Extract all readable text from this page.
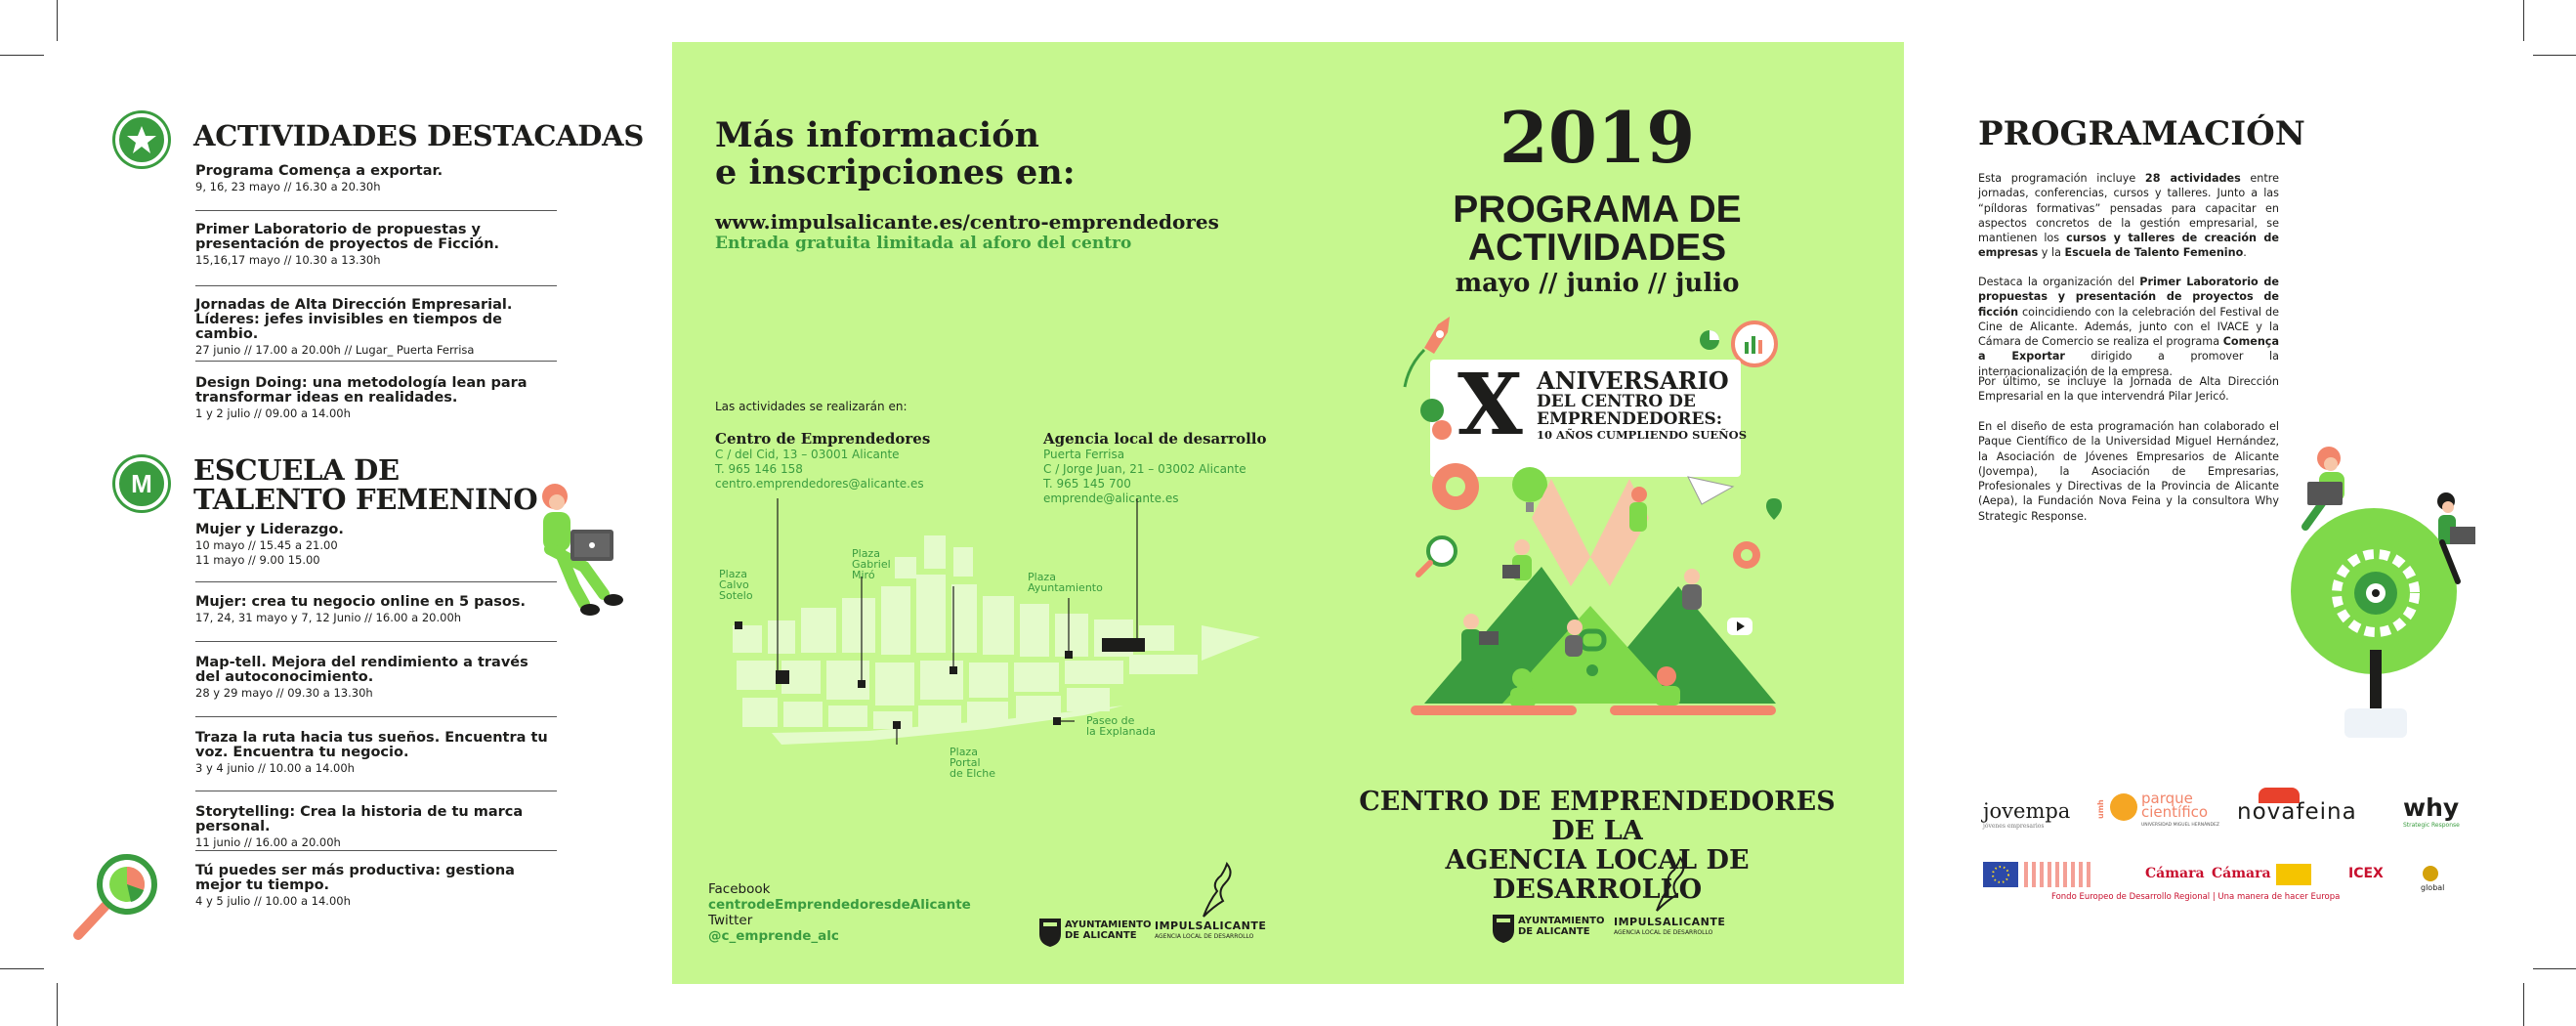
ACTIVIDADES DESTACADAS
Programa Comença a exportar.
9, 16, 23 mayo // 16.30 a 20.30h
Primer Laboratorio de propuestas y presentación de proyectos de Ficción.
15,16,17 mayo // 10.30 a 13.30h
Jornadas de Alta Dirección Empresarial. Líderes: jefes invisibles en tiempos de cambio.
27 junio // 17.00 a 20.00h // Lugar_ Puerta Ferrisa
Design Doing: una metodología lean para transformar ideas en realidades.
1 y 2 julio // 09.00 a 14.00h
M ESCUELA DE
TALENTO FEMENINO
Mujer y Liderazgo.
10 mayo // 15.45 a 21.00
11 mayo // 9.00 15.00
Mujer: crea tu negocio online en 5 pasos.
17, 24, 31 mayo y 7, 12 Junio // 16.00 a 20.00h
Map-tell. Mejora del rendimiento a través del autoconocimiento.
28 y 29 mayo // 09.30 a 13.30h
Traza la ruta hacia tus sueños. Encuentra tu voz. Encuentra tu negocio.
3 y 4 junio // 10.00 a 14.00h
Storytelling: Crea la historia de tu marca personal.
11 junio // 16.00 a 20.00h
Tú puedes ser más productiva: gestiona mejor tu tiempo.
4 y 5 julio // 10.00 a 14.00h
Más información
e inscripciones en:
www.impulsalicante.es/centro-emprendedores
Entrada gratuita limitada al aforo del centro
Las actividades se realizarán en:
Centro de Emprendedores
C / del Cid, 13 – 03001 Alicante
T. 965 146 158
centro.emprendedores@alicante.es
Agencia local de desarrollo
Puerta Ferrisa
C / Jorge Juan, 21 – 03002 Alicante
T. 965 145 700
emprende@alicante.es
Plaza
Calvo
Sotelo
Plaza
Gabriel
Miró	Plaza
Ayuntamiento
Plaza
Portal
de Elche
Paseo de
la Explanada
Facebook
centrodeEmprendedoresdeAlicante
Twitter
@c_emprende_alc
AYUNTAMIENTO
DE ALICANTE
IMPULSALICANTE
AGENCIA LOCAL DE DESARROLLO
2019
PROGRAMA DE
ACTIVIDADES
mayo // junio // julio
X ANIVERSARIO
DEL CENTRO DE
EMPRENDEDORES:
10 AÑOS CUMPLIENDO SUEÑOS
CENTRO DE EMPRENDEDORES DE LA
AGENCIA LOCAL DE DESARROLLO
AYUNTAMIENTO
DE ALICANTE
IMPULSALICANTE
AGENCIA LOCAL DE DESARROLLO
PROGRAMACIÓN
Esta programación incluye 28 actividades entre jornadas, conferencias, cursos y talleres. Junto a las “píldoras formativas” pensadas para capacitar en aspectos concretos de la gestión empresarial, se mantienen los cursos y talleres de creación de empresas y la Escuela de Talento Femenino.
Destaca la organización del Primer Laboratorio de propuestas y presentación de proyectos de ficción coincidiendo con la celebración del Festival de Cine de Alicante. Además, junto con el IVACE y la Cámara de Comercio se realiza el programa Comença a Exportar dirigido a promover la internacionalización de la empresa.
Por último, se incluye la Jornada de Alta Dirección Empresarial en la que intervendrá Pilar Jericó.
En el diseño de esta programación han colaborado el Paque Científico de la Universidad Miguel Hernández, la Asociación de Jóvenes Empresarios de Alicante (Jovempa), la Asociación de Empresarias, Profesionales y Directivas de la Provincia de Alicante (Aepa), la Fundación Nova Feina y la consultora Why Strategic Response.
jovempa
jóvenes empresarios
umh
parque
científico
UNIVERSIDAD MIGUEL HERNÁNDEZ
novafeina why
Strategic Response
Cámara Cámara	ICEX
global
Fondo Europeo de Desarrollo Regional | Una manera de hacer Europa
